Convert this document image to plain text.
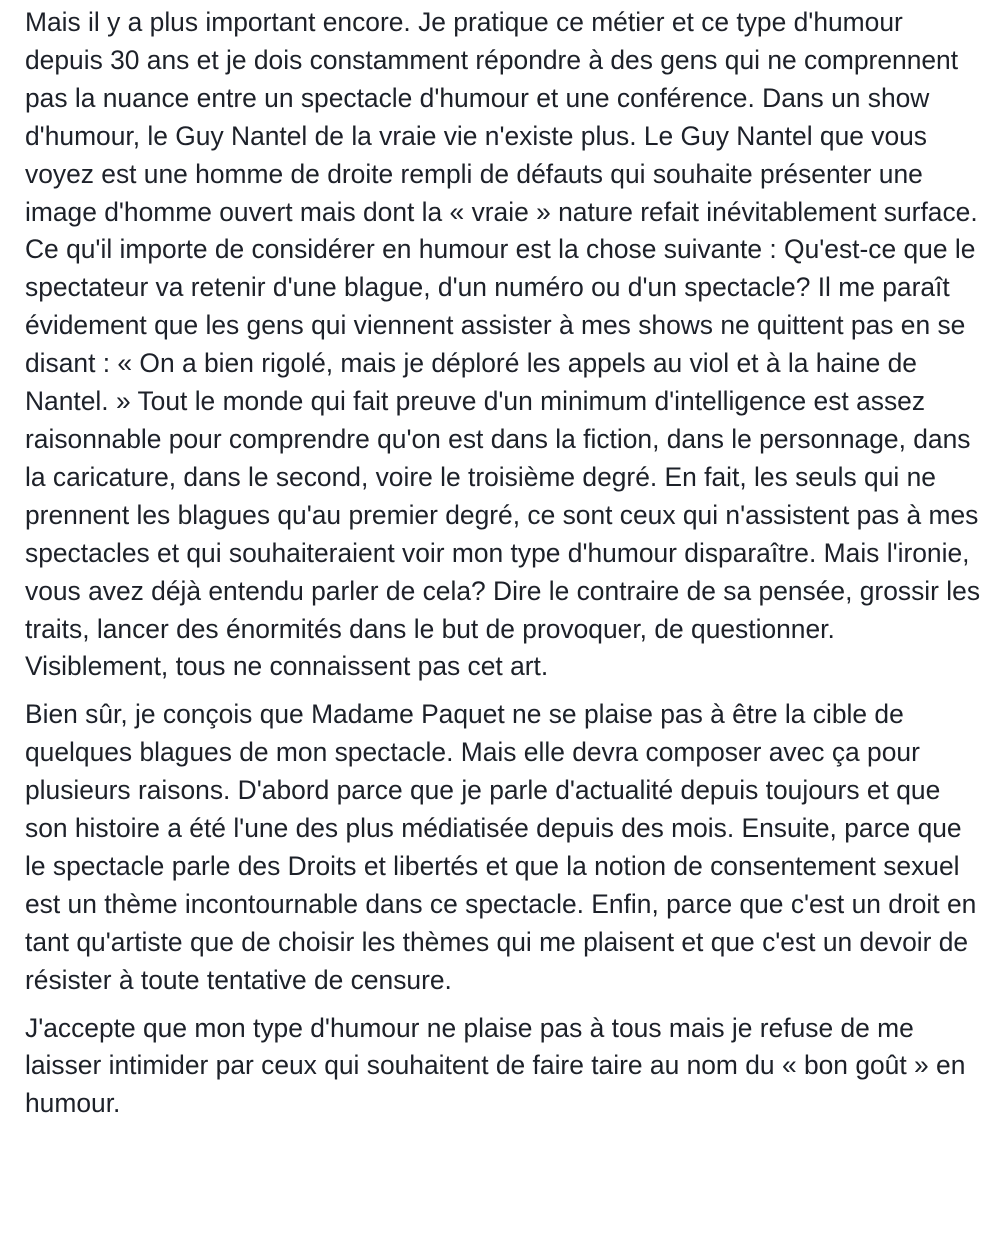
Mais il y a plus important encore. Je pratique ce métier et ce type d'humour depuis 30 ans et je dois constamment répondre à des gens qui ne comprennent pas la nuance entre un spectacle d'humour et une conférence. Dans un show d'humour, le Guy Nantel de la vraie vie n'existe plus. Le Guy Nantel que vous voyez est une homme de droite rempli de défauts qui souhaite présenter une image d'homme ouvert mais dont la « vraie » nature refait inévitablement surface. Ce qu'il importe de considérer en humour est la chose suivante : Qu'est-ce que le spectateur va retenir d'une blague, d'un numéro ou d'un spectacle? Il me paraît évidement que les gens qui viennent assister à mes shows ne quittent pas en se disant : « On a bien rigolé, mais je déploré les appels au viol et à la haine de Nantel. » Tout le monde qui fait preuve d'un minimum d'intelligence est assez raisonnable pour comprendre qu'on est dans la fiction, dans le personnage, dans la caricature, dans le second, voire le troisième degré. En fait, les seuls qui ne prennent les blagues qu'au premier degré, ce sont ceux qui n'assistent pas à mes spectacles et qui souhaiteraient voir mon type d'humour disparaître. Mais l'ironie, vous avez déjà entendu parler de cela? Dire le contraire de sa pensée, grossir les traits, lancer des énormités dans le but de provoquer, de questionner. Visiblement, tous ne connaissent pas cet art.

Bien sûr, je conçois que Madame Paquet ne se plaise pas à être la cible de quelques blagues de mon spectacle. Mais elle devra composer avec ça pour plusieurs raisons. D'abord parce que je parle d'actualité depuis toujours et que son histoire a été l'une des plus médiatisée depuis des mois. Ensuite, parce que le spectacle parle des Droits et libertés et que la notion de consentement sexuel est un thème incontournable dans ce spectacle. Enfin, parce que c'est un droit en tant qu'artiste que de choisir les thèmes qui me plaisent et que c'est un devoir de résister à toute tentative de censure.

J'accepte que mon type d'humour ne plaise pas à tous mais je refuse de me laisser intimider par ceux qui souhaitent de faire taire au nom du « bon goût » en humour.
